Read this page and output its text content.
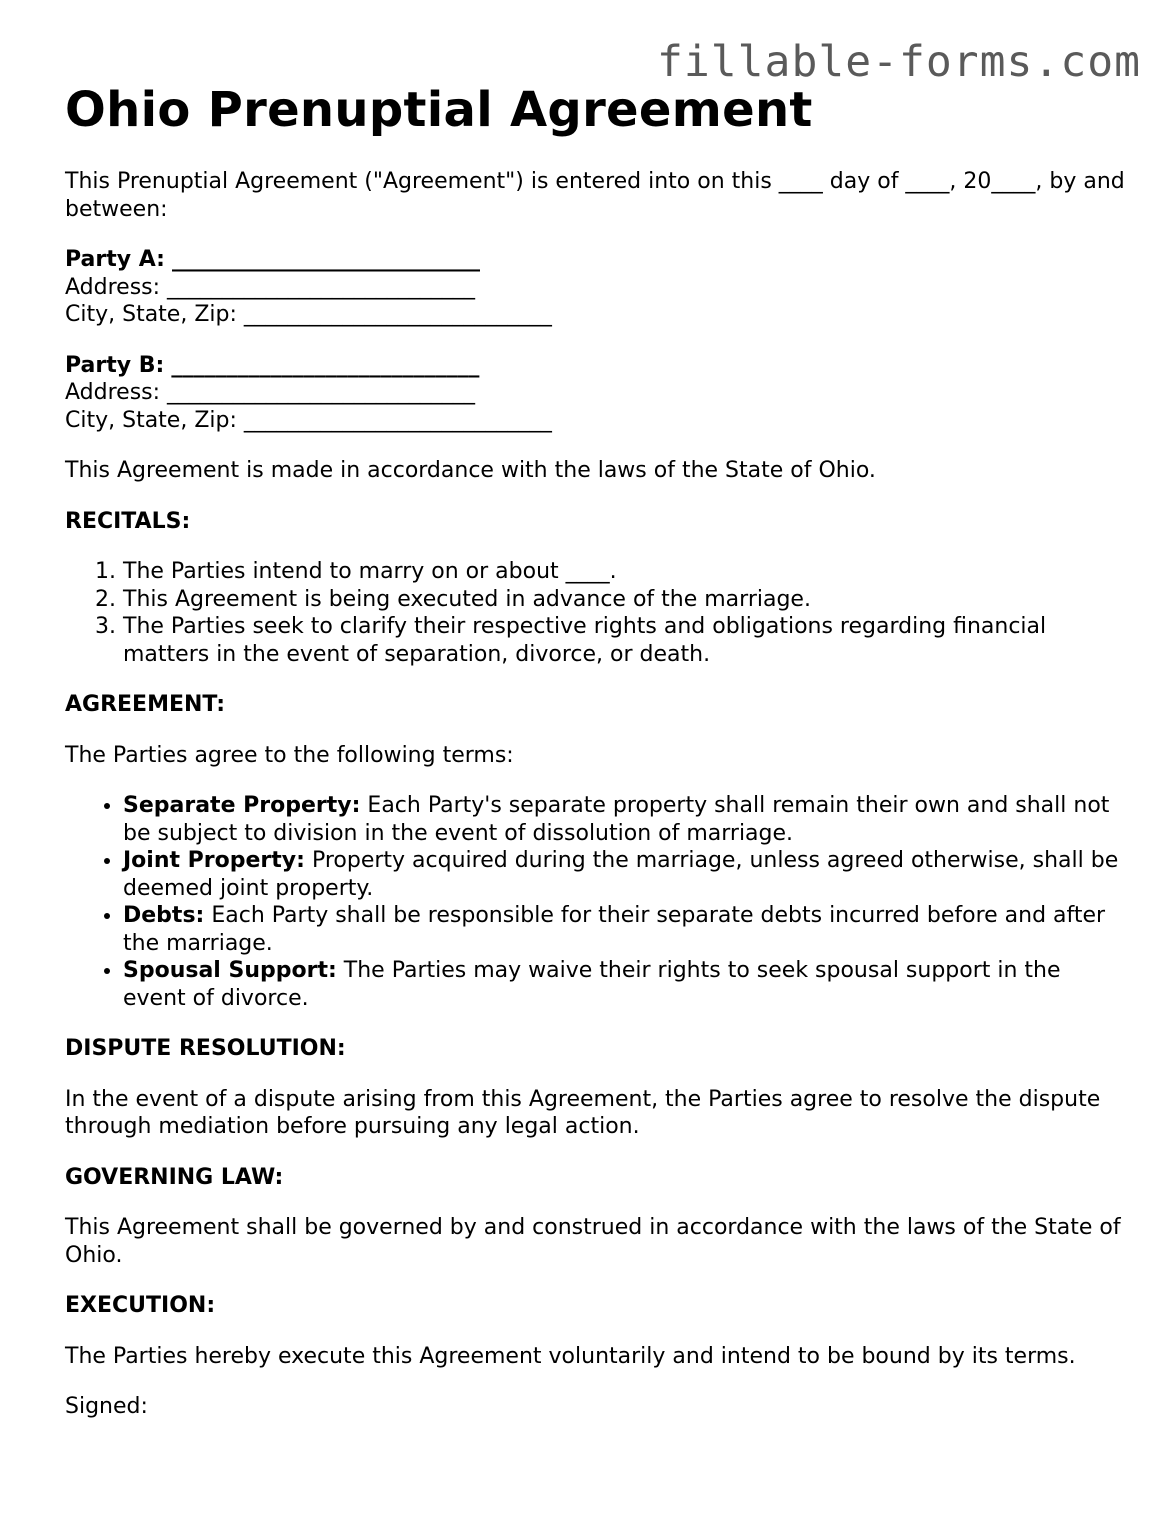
fillable-forms.com
Ohio Prenuptial Agreement

This Prenuptial Agreement ("Agreement") is entered into on this ____ day of ____, 20____, by and between:

Party A: ____________________________
Address: ____________________________
City, State, Zip: ____________________________
Party B: ____________________________
Address: ____________________________
City, State, Zip: ____________________________

This Agreement is made in accordance with the laws of the State of Ohio.

RECITALS:

1. The Parties intend to marry on or about ____.
2. This Agreement is being executed in advance of the marriage.
3. The Parties seek to clarify their respective rights and obligations regarding financial matters in the event of separation, divorce, or death.

AGREEMENT:

The Parties agree to the following terms:

• Separate Property: Each Party's separate property shall remain their own and shall not be subject to division in the event of dissolution of marriage.
• Joint Property: Property acquired during the marriage, unless agreed otherwise, shall be deemed joint property.
• Debts: Each Party shall be responsible for their separate debts incurred before and after the marriage.
• Spousal Support: The Parties may waive their rights to seek spousal support in the event of divorce.

DISPUTE RESOLUTION:

In the event of a dispute arising from this Agreement, the Parties agree to resolve the dispute through mediation before pursuing any legal action.

GOVERNING LAW:

This Agreement shall be governed by and construed in accordance with the laws of the State of Ohio.

EXECUTION:

The Parties hereby execute this Agreement voluntarily and intend to be bound by its terms.

Signed:
